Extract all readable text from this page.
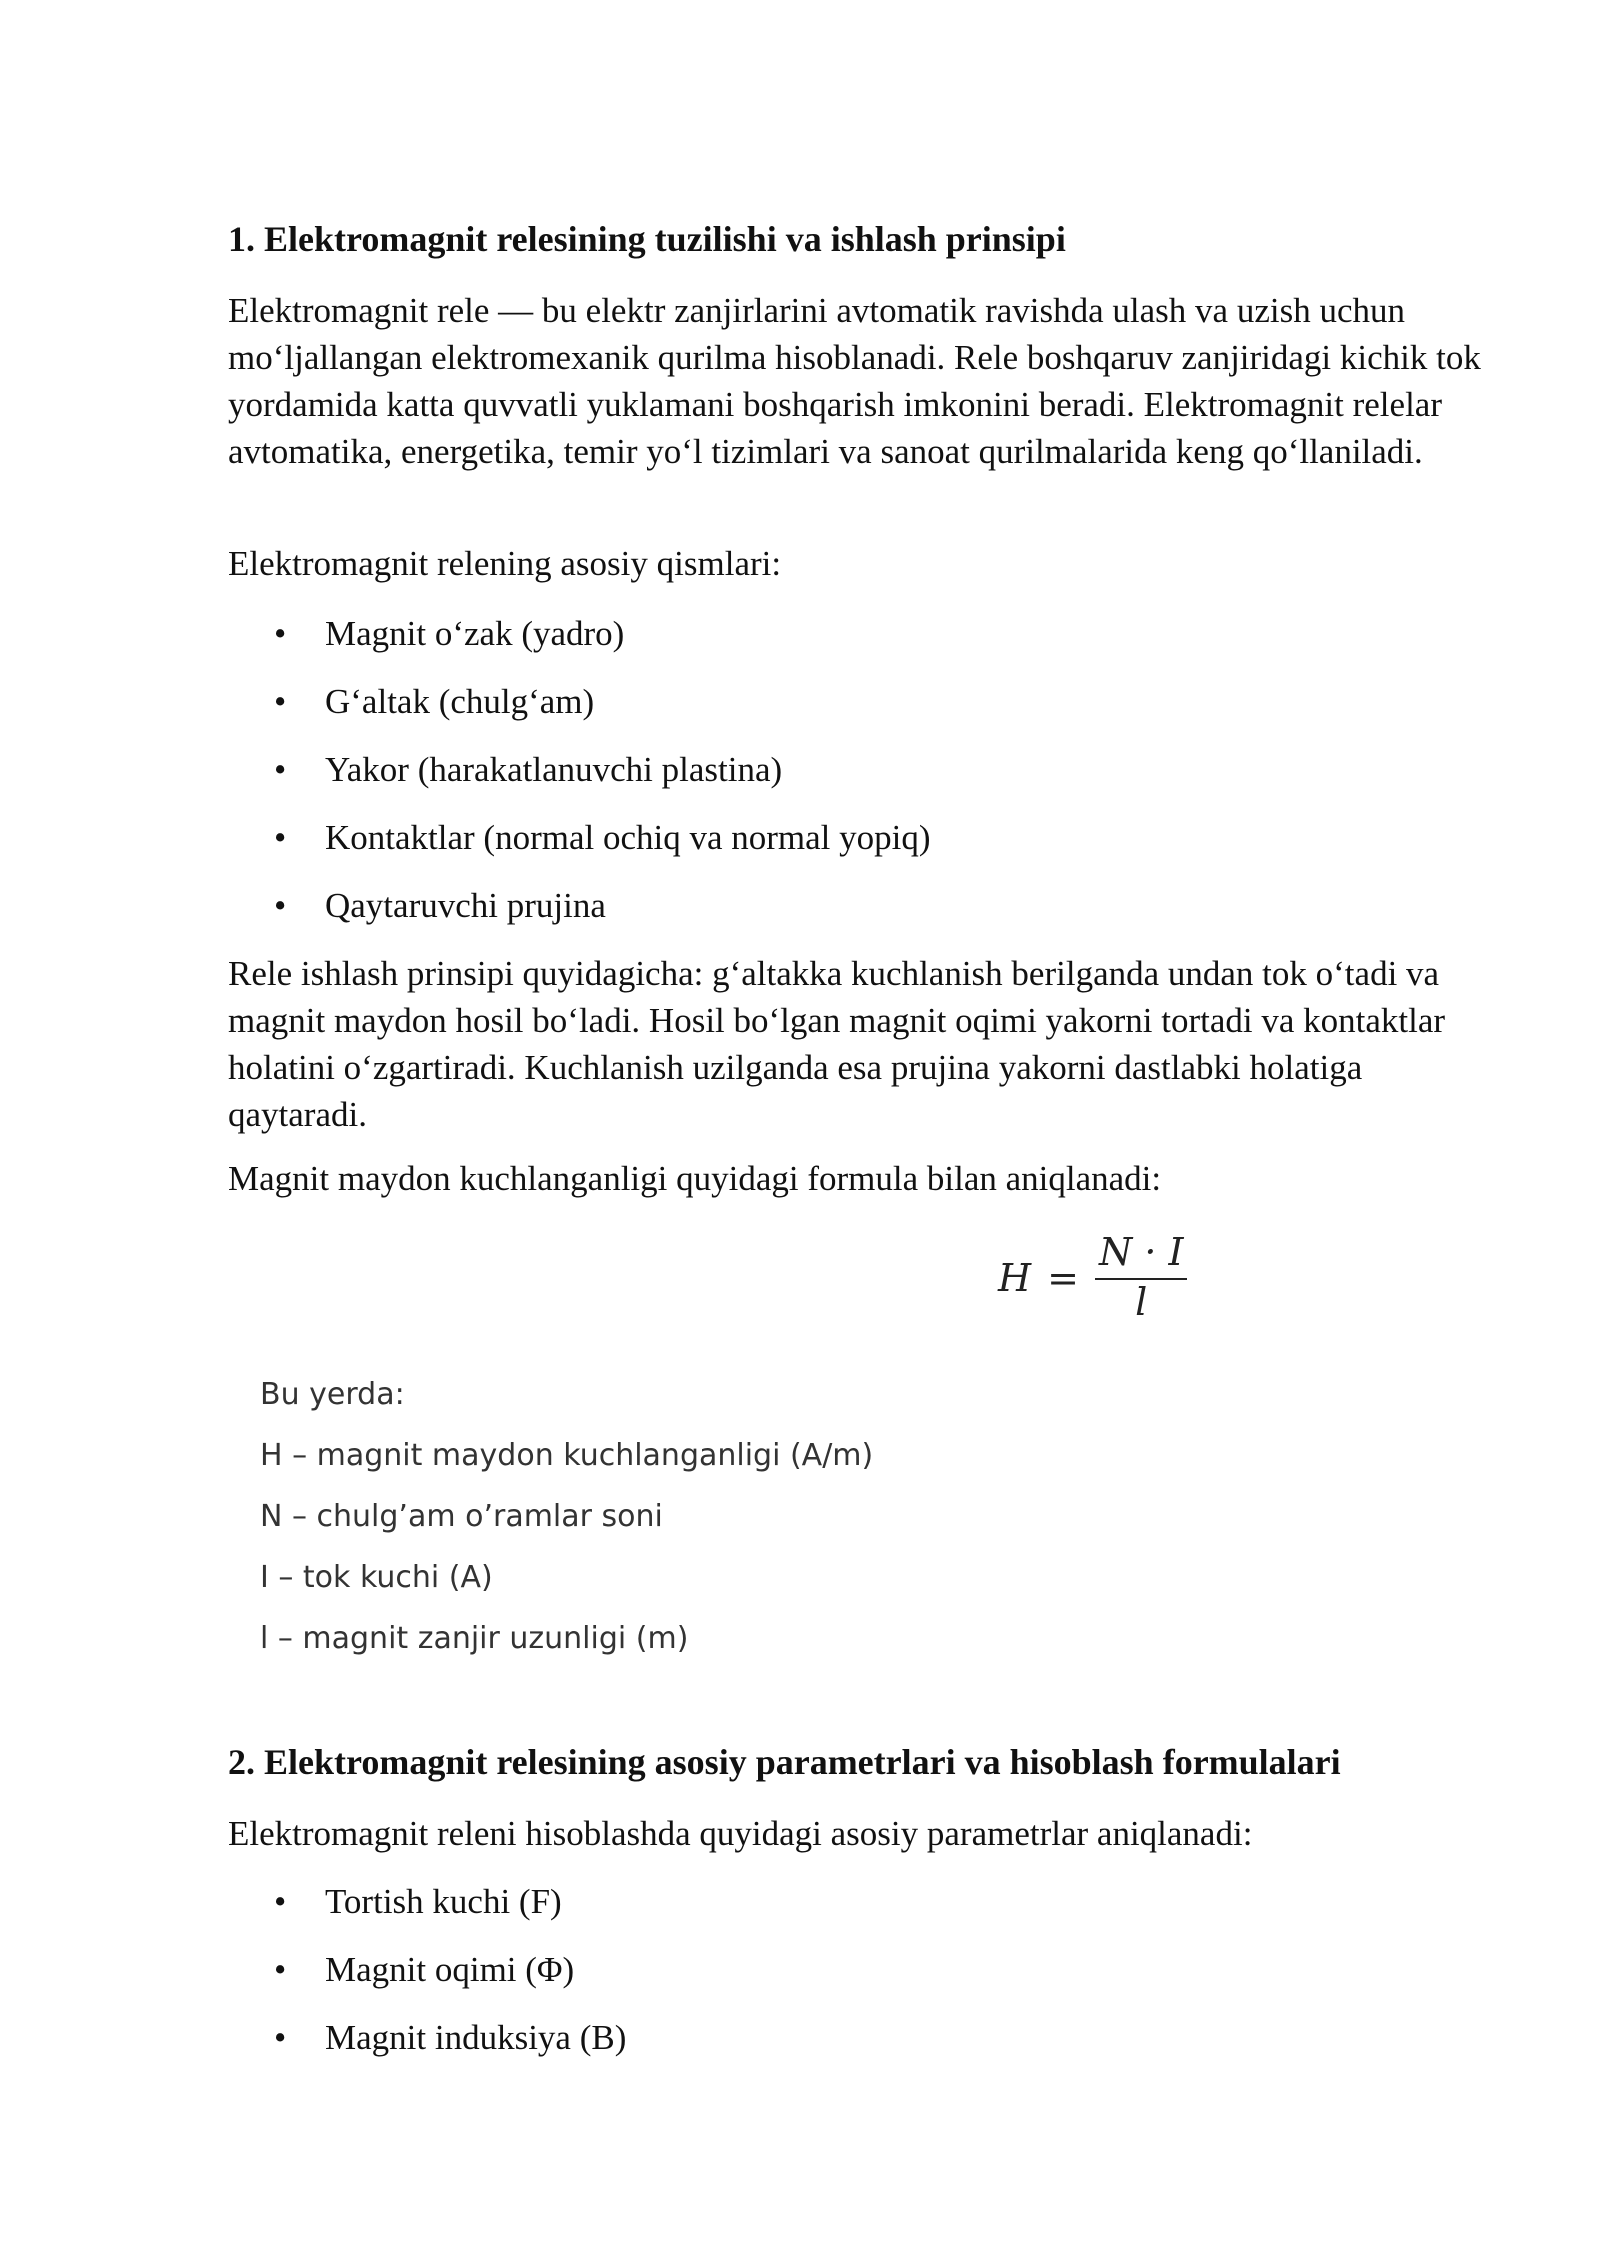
1. Elektromagnit relesining tuzilishi va ishlash prinsipi

Elektromagnit rele — bu elektr zanjirlarini avtomatik ravishda ulash va uzish uchun mo‘ljallangan elektromexanik qurilma hisoblanadi. Rele boshqaruv zanjiridagi kichik tok yordamida katta quvvatli yuklamani boshqarish imkonini beradi. Elektromagnit relelar avtomatika, energetika, temir yo‘l tizimlari va sanoat qurilmalarida keng qo‘llaniladi.

Elektromagnit relening asosiy qismlari:

• Magnit o‘zak (yadro)
• G‘altak (chulg‘am)
• Yakor (harakatlanuvchi plastina)
• Kontaktlar (normal ochiq va normal yopiq)
• Qaytaruvchi prujina

Rele ishlash prinsipi quyidagicha: g‘altakka kuchlanish berilganda undan tok o‘tadi va magnit maydon hosil bo‘ladi. Hosil bo‘lgan magnit oqimi yakorni tortadi va kontaktlar holatini o‘zgartiradi. Kuchlanish uzilganda esa prujina yakorni dastlabki holatiga qaytaradi.

Magnit maydon kuchlanganligi quyidagi formula bilan aniqlanadi:

$H = \frac{N \cdot I}{l}$
Bu yerda:
H – magnit maydon kuchlanganligi (A/m)
N – chulg’am o’ramlar soni
I – tok kuchi (A)
l – magnit zanjir uzunligi (m)
2. Elektromagnit relesining asosiy parametrlari va hisoblash formulalari

Elektromagnit releni hisoblashda quyidagi asosiy parametrlar aniqlanadi:

• Tortish kuchi (F)
• Magnit oqimi (Φ)
• Magnit induksiya (B)
